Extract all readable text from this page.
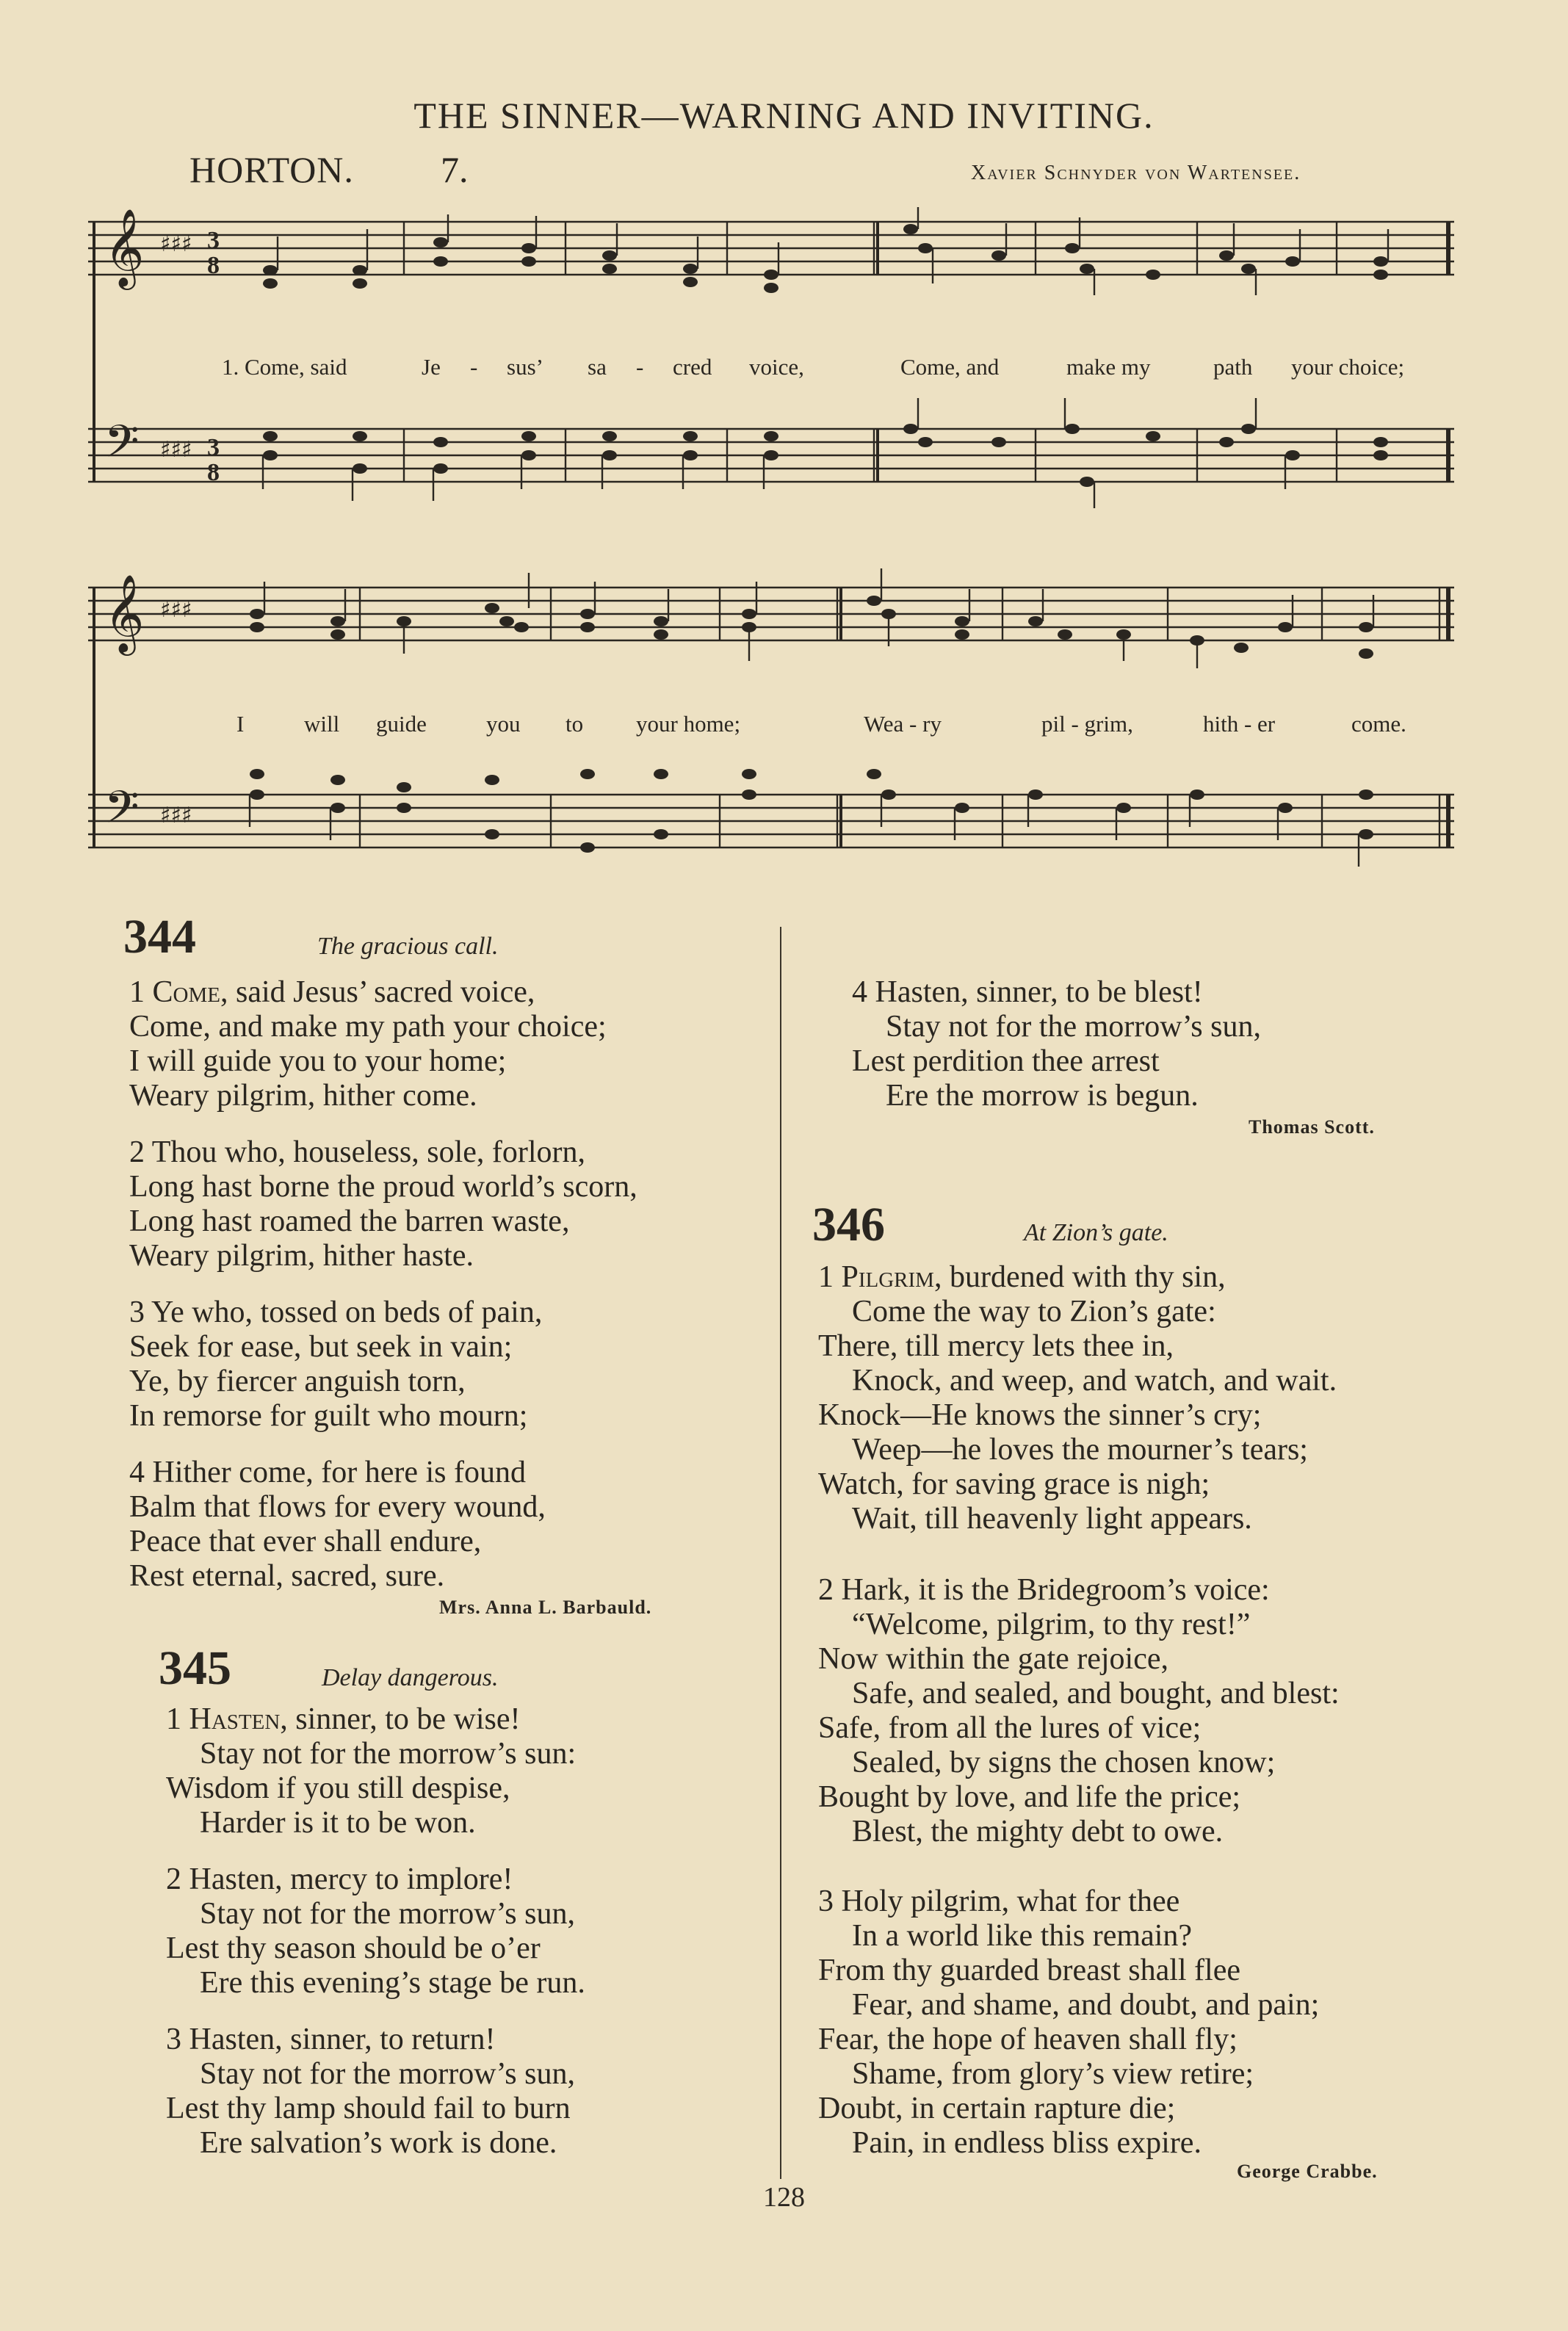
THE SINNER—WARNING AND INVITING.
HORTON. 7.	Xavier Schnyder von Wartensee.
𝄞
𝄢
♯♯♯
♯♯♯
3
8
3
8
1. Come, said	Je - sus’ sa - cred voice,	Come, and	make my	path your choice;
𝄞
𝄢
♯♯♯
♯♯♯
I	will guide	you to your home;	Wea - ry	pil - grim,	hith - er	come.
344	The gracious call.
1 Come, said Jesus’ sacred voice,
Come, and make my path your choice;
I will guide you to your home;
Weary pilgrim, hither come.
2 Thou who, houseless, sole, forlorn,
Long hast borne the proud world’s scorn,
Long hast roamed the barren waste,
Weary pilgrim, hither haste.
3 Ye who, tossed on beds of pain,
Seek for ease, but seek in vain;
Ye, by fiercer anguish torn,
In remorse for guilt who mourn;
4 Hither come, for here is found
Balm that flows for every wound,
Peace that ever shall endure,
Rest eternal, sacred, sure.
Mrs. Anna L. Barbauld.
345	Delay dangerous.
1 Hasten, sinner, to be wise!
Stay not for the morrow’s sun:
Wisdom if you still despise,
Harder is it to be won.
2 Hasten, mercy to implore!
Stay not for the morrow’s sun,
Lest thy season should be o’er
Ere this evening’s stage be run.
3 Hasten, sinner, to return!
Stay not for the morrow’s sun,
Lest thy lamp should fail to burn
Ere salvation’s work is done.
4 Hasten, sinner, to be blest!
Stay not for the morrow’s sun,
Lest perdition thee arrest
Ere the morrow is begun.
Thomas Scott.
346	At Zion’s gate.
1 Pilgrim, burdened with thy sin,
Come the way to Zion’s gate:
There, till mercy lets thee in,
Knock, and weep, and watch, and wait.
Knock—He knows the sinner’s cry;
Weep—he loves the mourner’s tears;
Watch, for saving grace is nigh;
Wait, till heavenly light appears.
2 Hark, it is the Bridegroom’s voice:
“Welcome, pilgrim, to thy rest!”
Now within the gate rejoice,
Safe, and sealed, and bought, and blest:
Safe, from all the lures of vice;
Sealed, by signs the chosen know;
Bought by love, and life the price;
Blest, the mighty debt to owe.
3 Holy pilgrim, what for thee
In a world like this remain?
From thy guarded breast shall flee
Fear, and shame, and doubt, and pain;
Fear, the hope of heaven shall fly;
Shame, from glory’s view retire;
Doubt, in certain rapture die;
Pain, in endless bliss expire.
George Crabbe.
128
